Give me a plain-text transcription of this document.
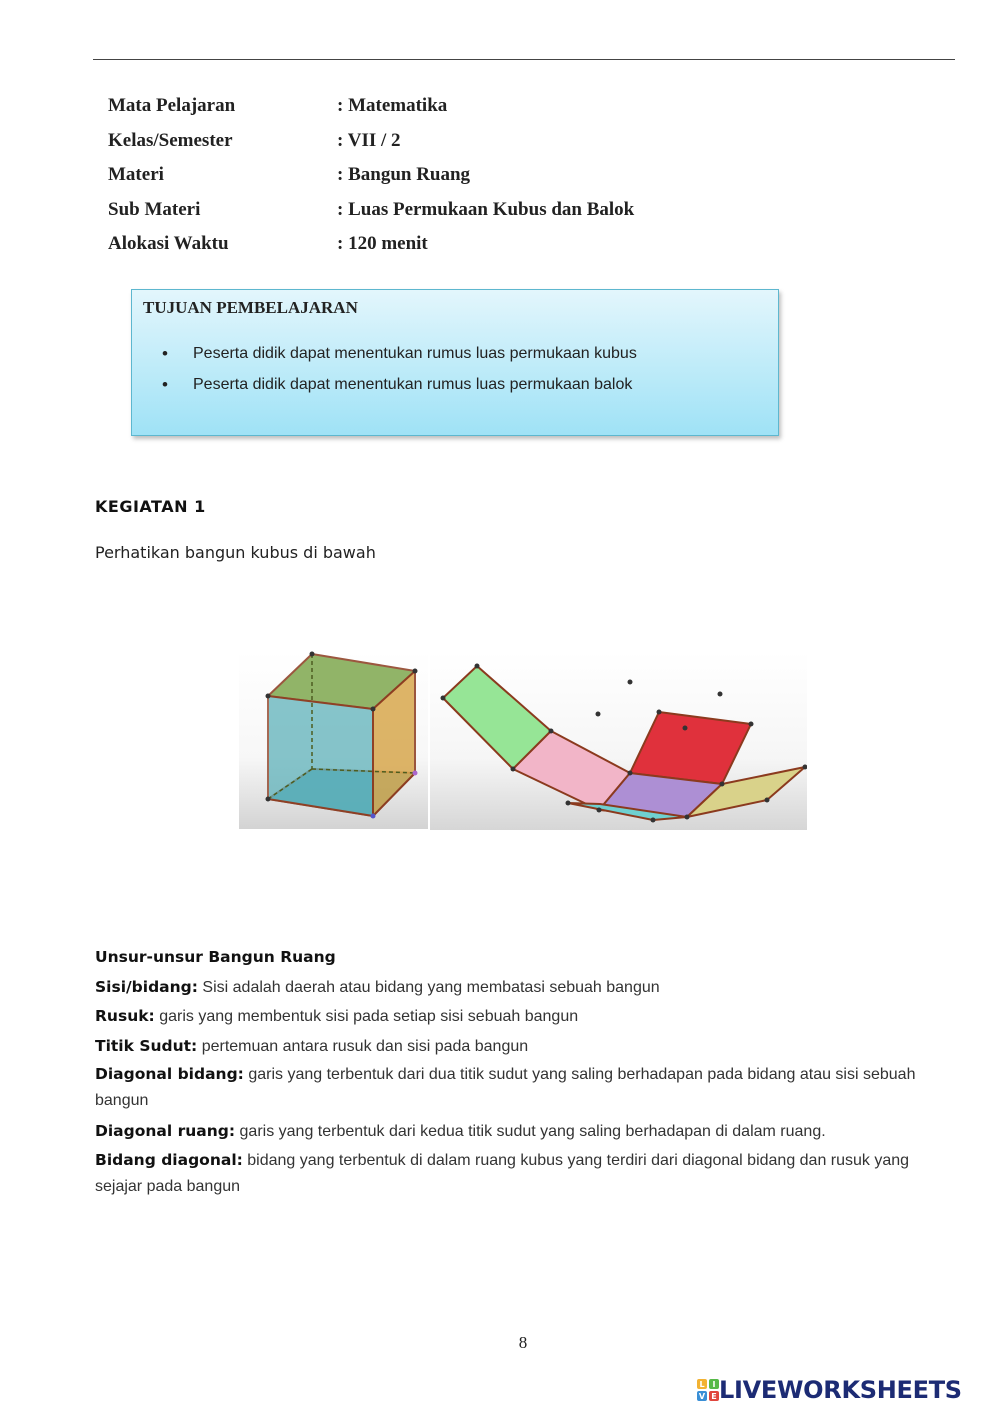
Mata Pelajaran	: Matematika
Kelas/Semester	: VII / 2
Materi	: Bangun Ruang
Sub Materi	: Luas Permukaan Kubus dan Balok
Alokasi Waktu	: 120 menit
TUJUAN PEMBELAJARAN
• Peserta didik dapat menentukan rumus luas permukaan kubus
• Peserta didik dapat menentukan rumus luas permukaan balok
KEGIATAN 1
Perhatikan bangun kubus di bawah
Unsur-unsur Bangun Ruang
Sisi/bidang: Sisi adalah daerah atau bidang yang membatasi sebuah bangun
Rusuk: garis yang membentuk sisi pada setiap sisi sebuah bangun
Titik Sudut: pertemuan antara rusuk dan sisi pada bangun
Diagonal bidang: garis yang terbentuk dari dua titik sudut yang saling berhadapan pada bidang atau sisi sebuah bangun
Diagonal ruang: garis yang terbentuk dari kedua titik sudut yang saling berhadapan di dalam ruang.
Bidang diagonal: bidang yang terbentuk di dalam ruang kubus yang terdiri dari diagonal bidang dan rusuk yang sejajar pada bangun
8
L I
V E LIVEWORKSHEETS
